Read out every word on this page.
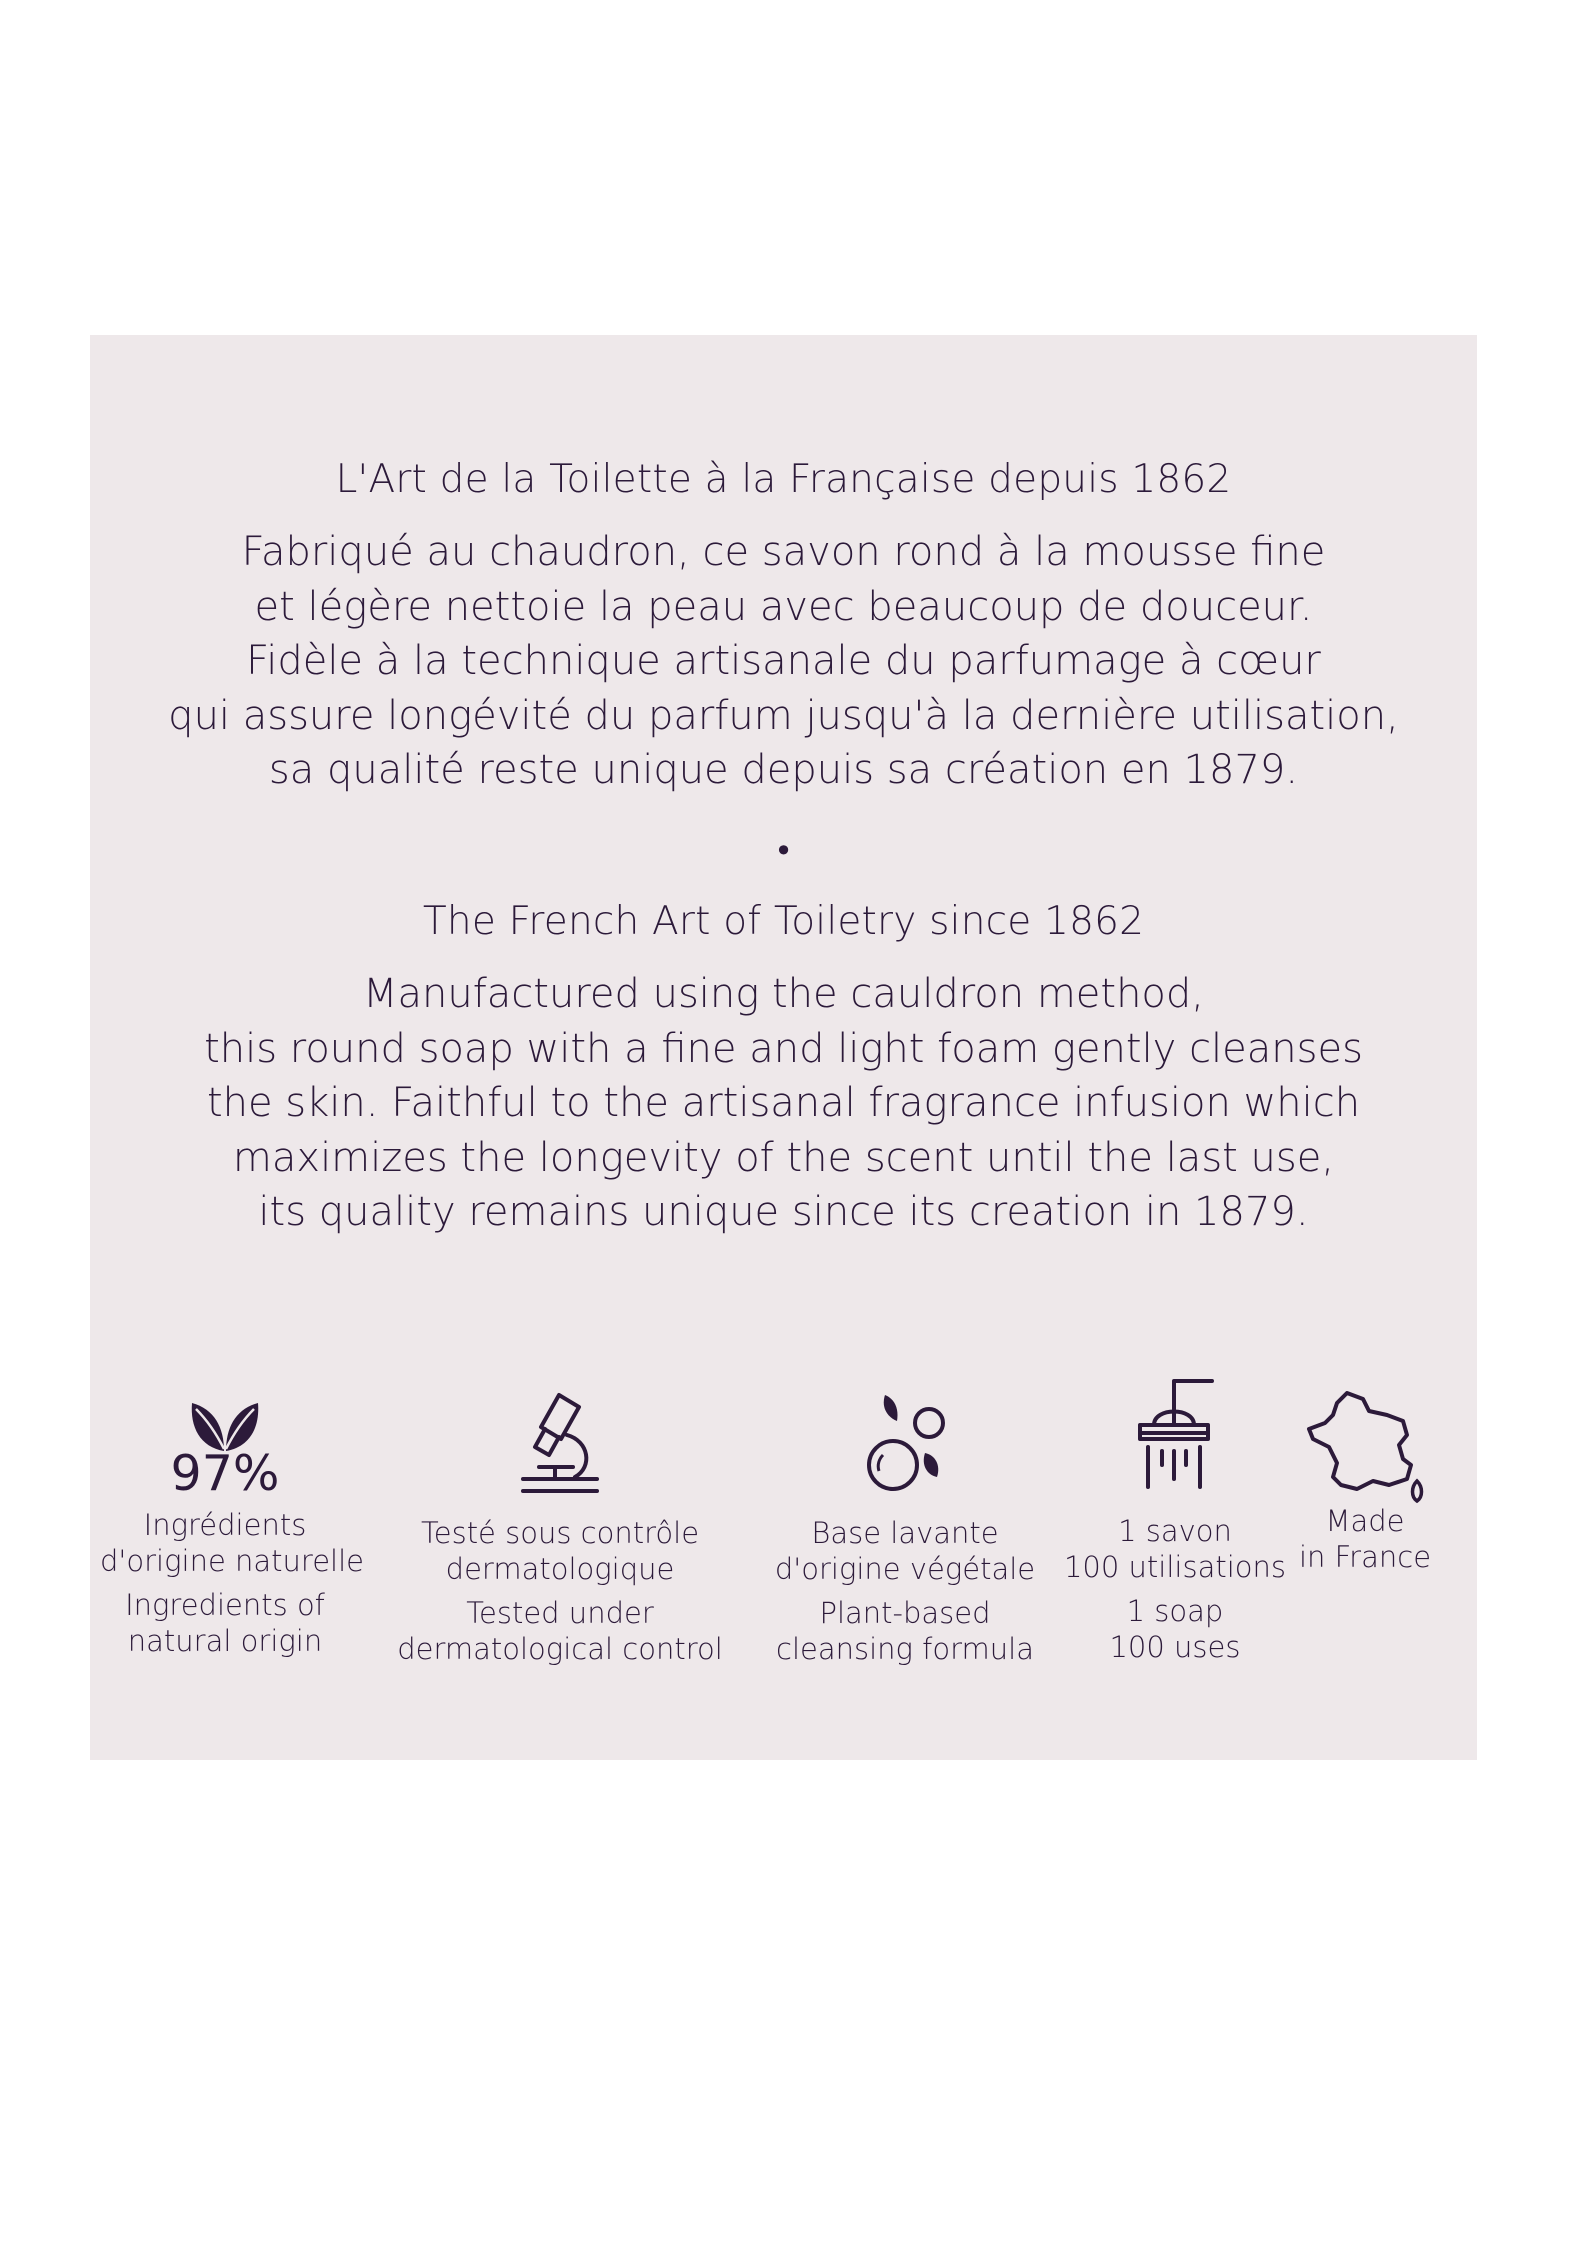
L'Art de la Toilette à la Française depuis 1862

Fabriqué au chaudron, ce savon rond à la mousse fine
et légère nettoie la peau avec beaucoup de douceur.
Fidèle à la technique artisanale du parfumage à cœur
qui assure longévité du parfum jusqu'à la dernière utilisation,
sa qualité reste unique depuis sa création en 1879.

•

The French Art of Toiletry since 1862

Manufactured using the cauldron method,
this round soap with a fine and light foam gently cleanses
the skin. Faithful to the artisanal fragrance infusion which
maximizes the longevity of the scent until the last use,
its quality remains unique since its creation in 1879.

97%
Ingrédients
d'origine naturelle
Ingredients of
natural origin
Testé sous contrôle
dermatologique
Tested under
dermatological control
Base lavante
d'origine végétale
Plant-based
cleansing formula
1 savon
100 utilisations
1 soap
100 uses
Made
in France
